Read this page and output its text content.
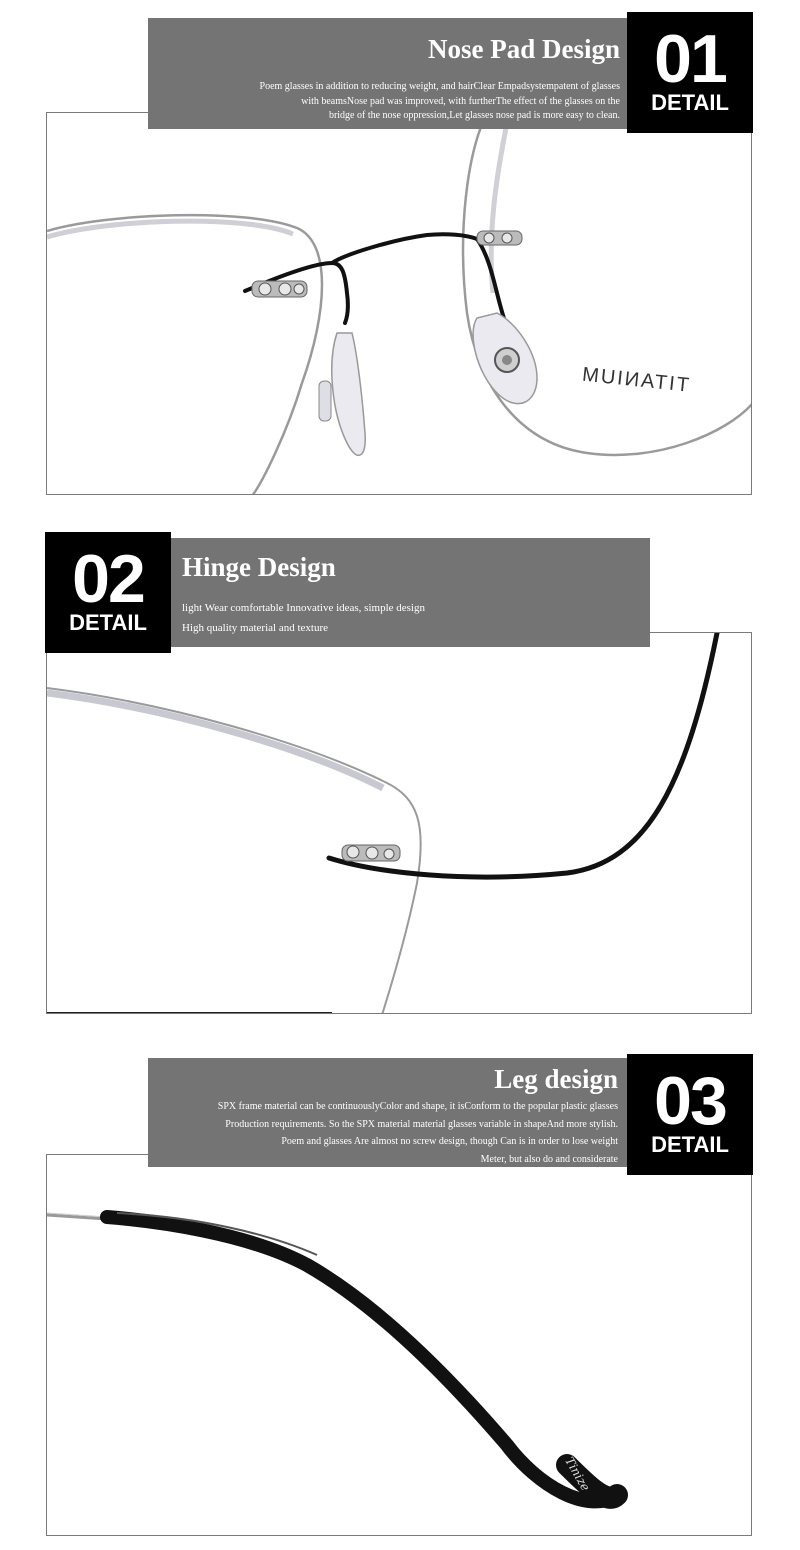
TITANIUM
Nose Pad Design
Poem glasses in addition to reducing weight, and hairClear Empadsystempatent of glasses
with beamsNose pad was improved, with furtherThe effect of the glasses on the
bridge of the nose oppression,Let glasses nose pad is more easy to clean.
01
DETAIL
Hinge Design
light Wear comfortable Innovative ideas, simple design
High quality material and texture
02
DETAIL
Tinize
Leg design
SPX frame material can be continuouslyColor and shape, it isConform to the popular plastic glasses
Production requirements. So the SPX material material glasses variable in shapeAnd more stylish.
Poem and glasses Are almost no screw design, though Can is in order to lose weight
Meter, but also do and considerate
03
DETAIL
